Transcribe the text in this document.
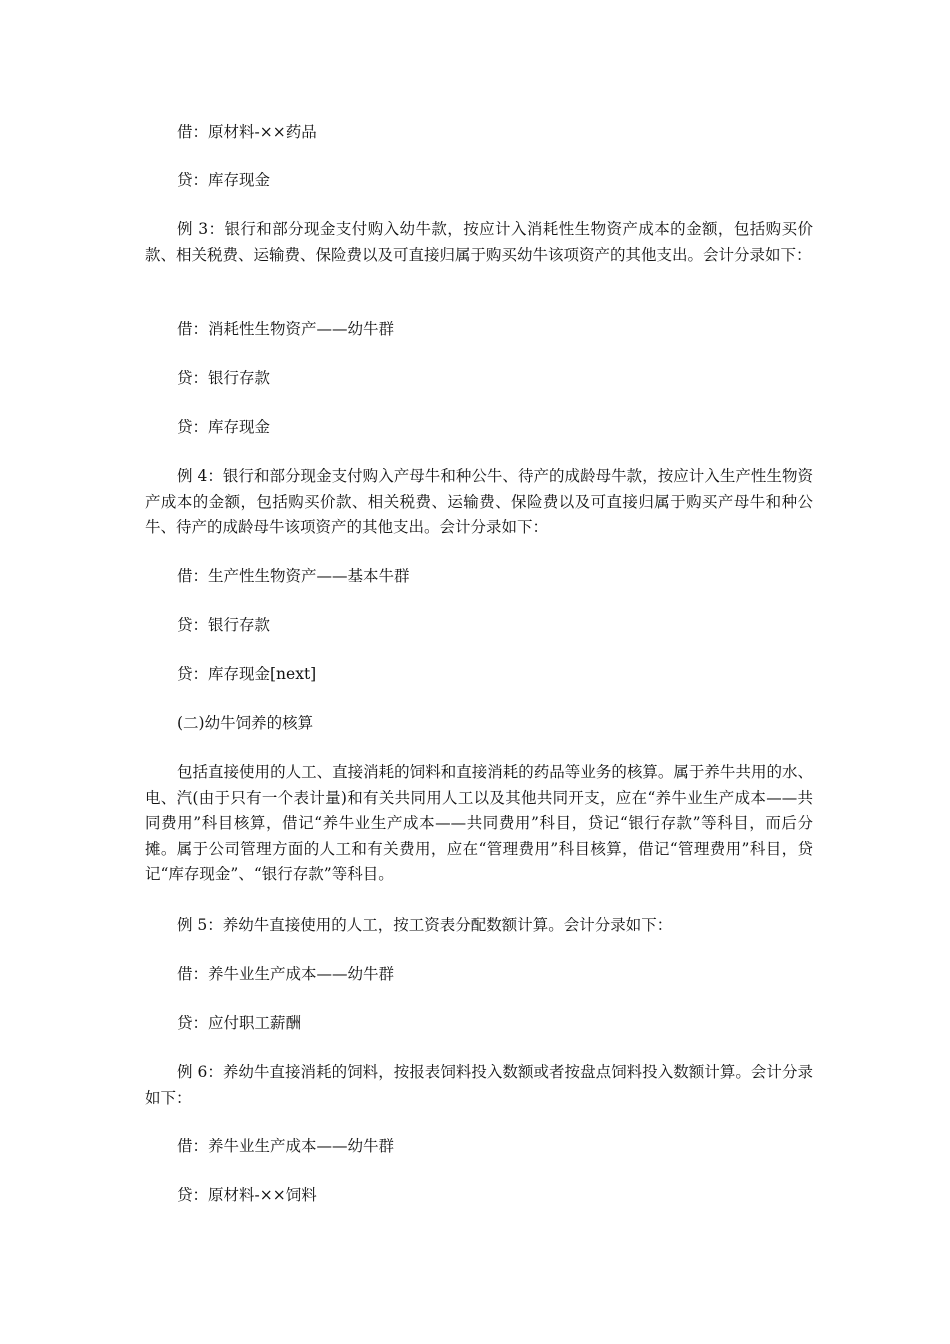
借：原材料-××药品

贷：库存现金

例 3：银行和部分现金支付购入幼牛款，按应计入消耗性生物资产成本的金额，包括购买价款、相关税费、运输费、保险费以及可直接归属于购买幼牛该项资产的其他支出。会计分录如下：

借：消耗性生物资产——幼牛群

贷：银行存款

贷：库存现金

例 4：银行和部分现金支付购入产母牛和种公牛、待产的成龄母牛款，按应计入生产性生物资产成本的金额，包括购买价款、相关税费、运输费、保险费以及可直接归属于购买产母牛和种公牛、待产的成龄母牛该项资产的其他支出。会计分录如下：

借：生产性生物资产——基本牛群

贷：银行存款

贷：库存现金[next]

(二)幼牛饲养的核算

包括直接使用的人工、直接消耗的饲料和直接消耗的药品等业务的核算。属于养牛共用的水、电、汽(由于只有一个表计量)和有关共同用人工以及其他共同开支，应在“养牛业生产成本——共同费用”科目核算，借记“养牛业生产成本——共同费用”科目，贷记“银行存款”等科目，而后分摊。属于公司管理方面的人工和有关费用，应在“管理费用”科目核算，借记“管理费用”科目，贷记“库存现金”、“银行存款”等科目。

例 5：养幼牛直接使用的人工，按工资表分配数额计算。会计分录如下：

借：养牛业生产成本——幼牛群

贷：应付职工薪酬

例 6：养幼牛直接消耗的饲料，按报表饲料投入数额或者按盘点饲料投入数额计算。会计分录如下：

借：养牛业生产成本——幼牛群

贷：原材料-××饲料
